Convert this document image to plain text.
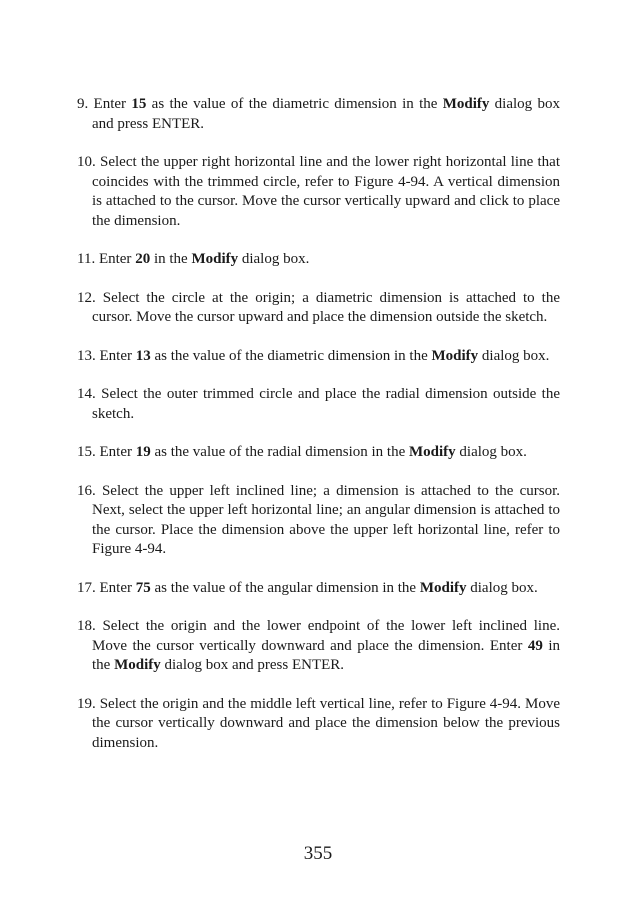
9. Enter 15 as the value of the diametric dimension in the Modify dialog box and press ENTER.
10. Select the upper right horizontal line and the lower right horizontal line that coincides with the trimmed circle, refer to Figure 4-94. A vertical dimension is attached to the cursor. Move the cursor vertically upward and click to place the dimension.
11. Enter 20 in the Modify dialog box.
12. Select the circle at the origin; a diametric dimension is attached to the cursor. Move the cursor upward and place the dimension outside the sketch.
13. Enter 13 as the value of the diametric dimension in the Modify dialog box.
14. Select the outer trimmed circle and place the radial dimension outside the sketch.
15. Enter 19 as the value of the radial dimension in the Modify dialog box.
16. Select the upper left inclined line; a dimension is attached to the cursor. Next, select the upper left horizontal line; an angular dimension is attached to the cursor. Place the dimension above the upper left horizontal line, refer to Figure 4-94.
17. Enter 75 as the value of the angular dimension in the Modify dialog box.
18. Select the origin and the lower endpoint of the lower left inclined line. Move the cursor vertically downward and place the dimension. Enter 49 in the Modify dialog box and press ENTER.
19. Select the origin and the middle left vertical line, refer to Figure 4-94. Move the cursor vertically downward and place the dimension below the previous dimension.
355
